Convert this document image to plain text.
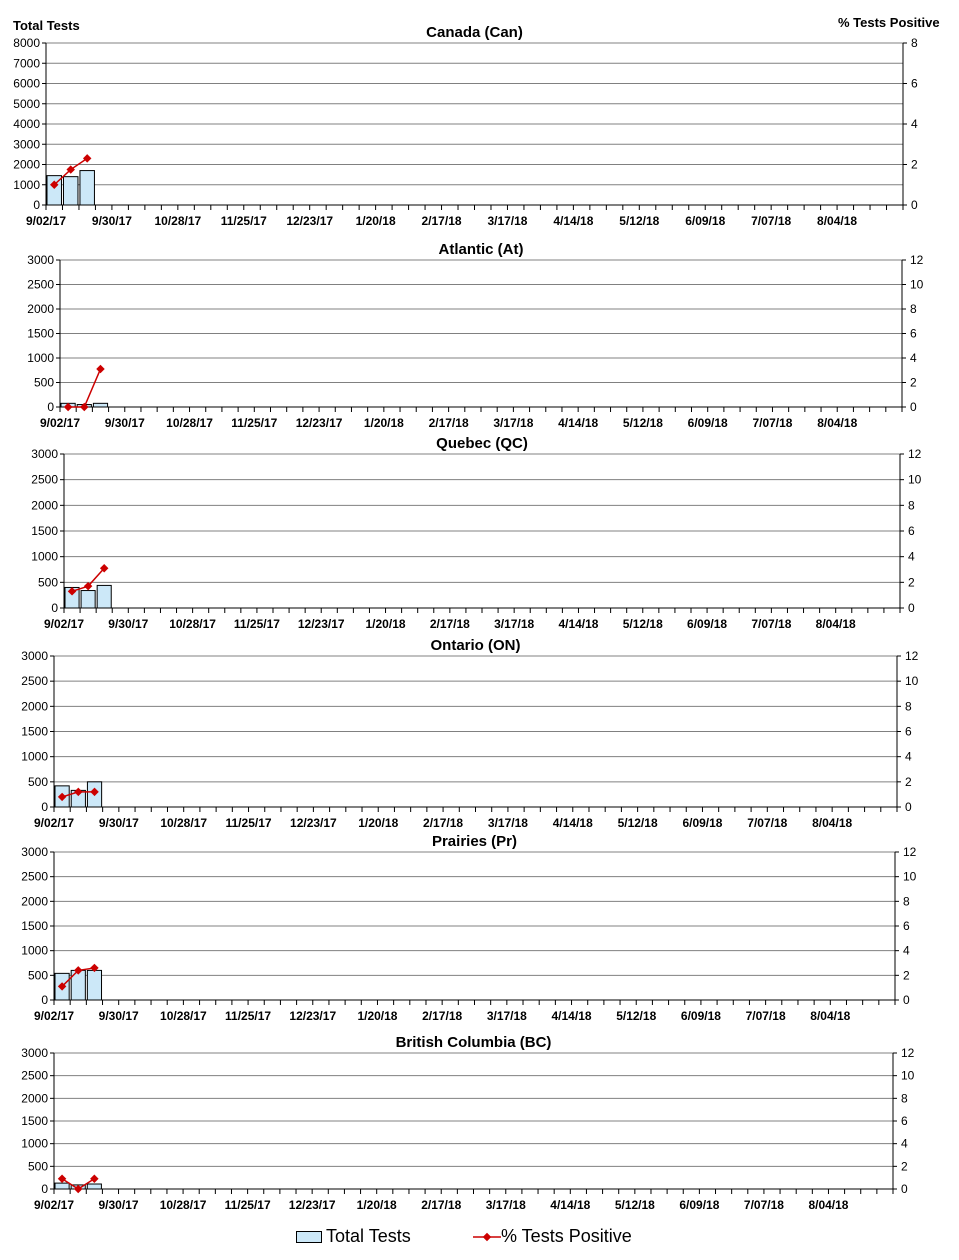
Total Tests	% Tests Positive
0
1000
2000
3000
4000
5000
6000
7000
8000
0
2
4
6
8
9/02/17 9/30/17 10/28/17 11/25/17 12/23/17 1/20/18 2/17/18 3/17/18 4/14/18 5/12/18 6/09/18 7/07/18 8/04/18
Canada (Can)
0
500
1000
1500
2000
2500
3000
0
2
4
6
8
10
12
9/02/17 9/30/17 10/28/17 11/25/17 12/23/17 1/20/18 2/17/18 3/17/18 4/14/18 5/12/18 6/09/18 7/07/18 8/04/18
Atlantic (At)
0
500
1000
1500
2000
2500
3000
0
2
4
6
8
10
12
9/02/17 9/30/17 10/28/17 11/25/17 12/23/17 1/20/18 2/17/18 3/17/18 4/14/18 5/12/18 6/09/18 7/07/18 8/04/18
Quebec (QC)
0
500
1000
1500
2000
2500
3000
0
2
4
6
8
10
12
9/02/17 9/30/17 10/28/17 11/25/17 12/23/17 1/20/18 2/17/18 3/17/18 4/14/18 5/12/18 6/09/18 7/07/18 8/04/18
Ontario (ON)
0
500
1000
1500
2000
2500
3000
0
2
4
6
8
10
12
9/02/17 9/30/17 10/28/17 11/25/17 12/23/17 1/20/18 2/17/18 3/17/18 4/14/18 5/12/18 6/09/18 7/07/18 8/04/18
Prairies (Pr)
0
500
1000
1500
2000
2500
3000
0
2
4
6
8
10
12
9/02/17 9/30/17 10/28/17 11/25/17 12/23/17 1/20/18 2/17/18 3/17/18 4/14/18 5/12/18 6/09/18 7/07/18 8/04/18
British Columbia (BC)
Total Tests	% Tests Positive
